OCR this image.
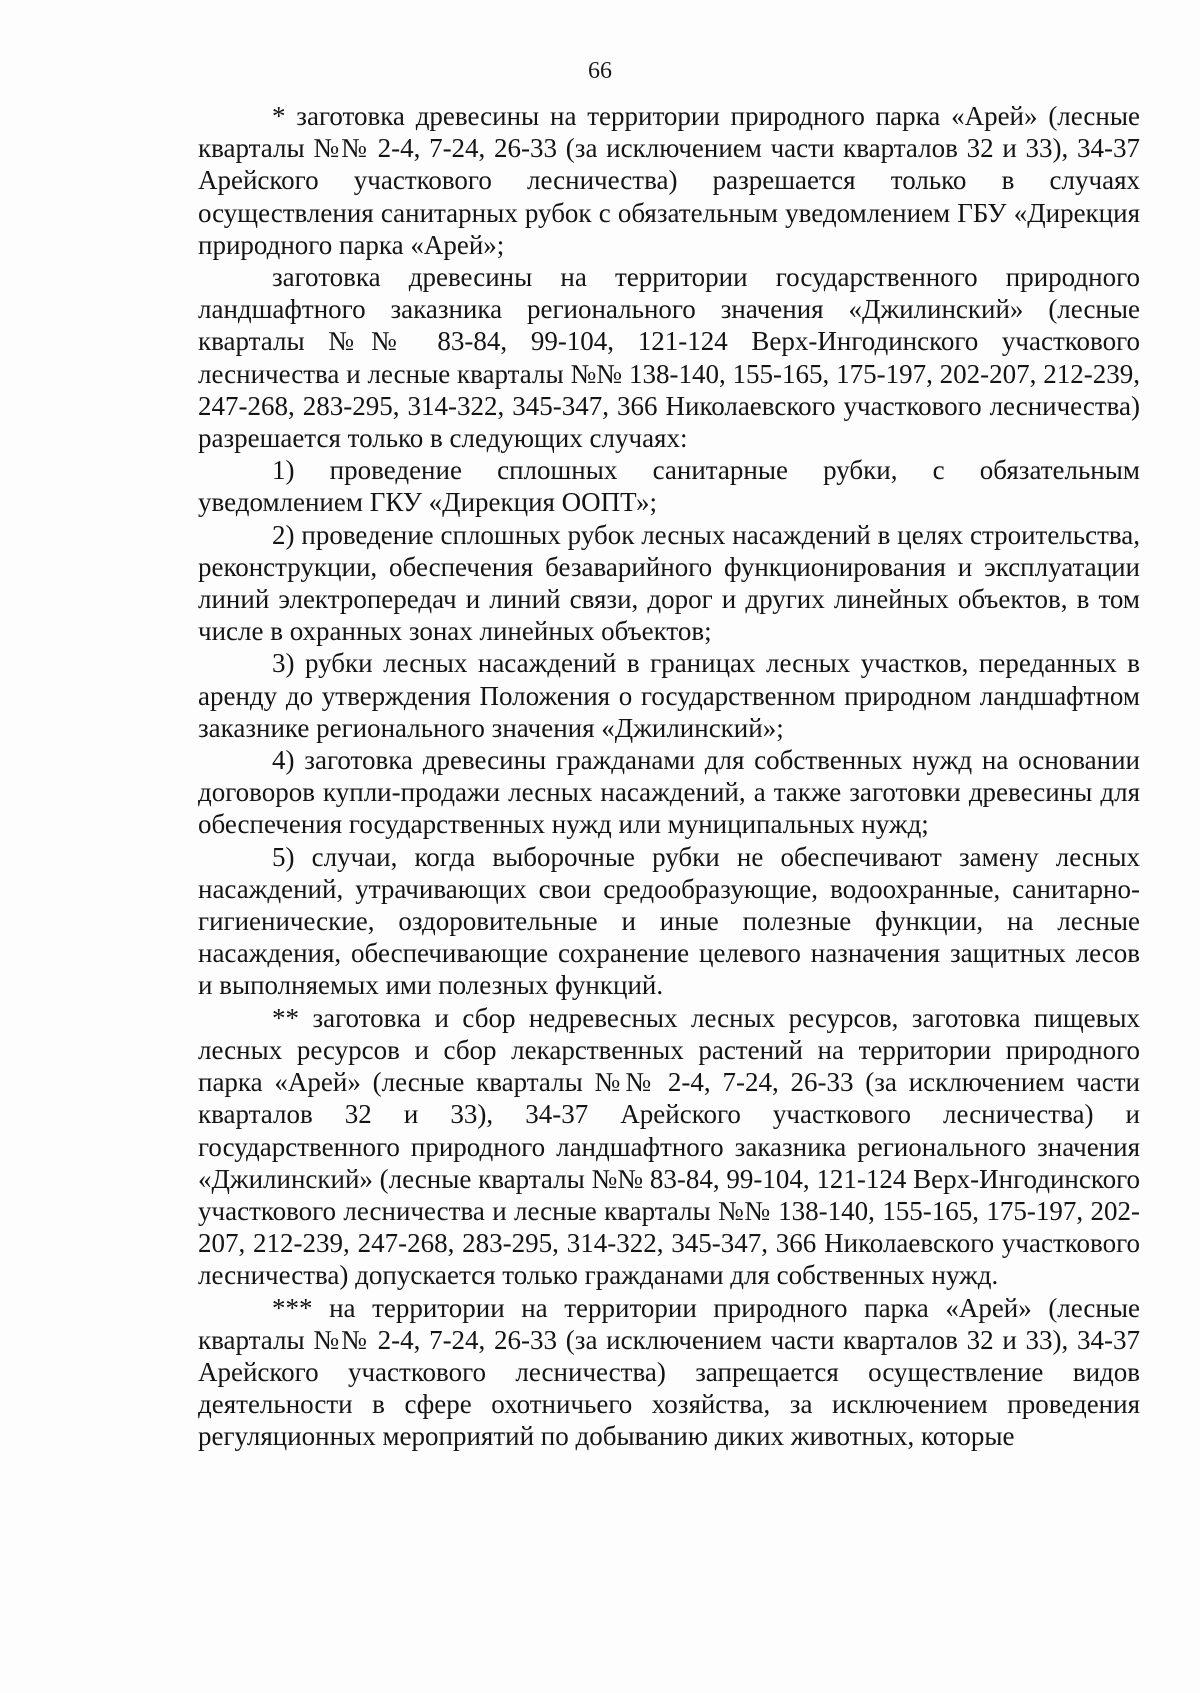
66

* заготовка древесины на территории природного парка «Арей» (лесные кварталы №№ 2-4, 7-24, 26-33 (за исключением части кварталов 32 и 33), 34-37 Арейского участкового лесничества) разрешается только в случаях осуществления санитарных рубок с обязательным уведомлением ГБУ «Дирекция природного парка «Арей»;

заготовка древесины на территории государственного природного ландшафтного заказника регионального значения «Джилинский» (лесные кварталы №№ 83-84, 99-104, 121-124 Верх-Ингодинского участкового лесничества и лесные кварталы №№ 138-140, 155-165, 175-197, 202-207, 212-239, 247-268, 283-295, 314-322, 345-347, 366 Николаевского участкового лесничества) разрешается только в следующих случаях:

1) проведение сплошных санитарные рубки, с обязательным уведомлением ГКУ «Дирекция ООПТ»;

2) проведение сплошных рубок лесных насаждений в целях строительства, реконструкции, обеспечения безаварийного функционирования и эксплуатации линий электропередач и линий связи, дорог и других линейных объектов, в том числе в охранных зонах линейных объектов;

3) рубки лесных насаждений в границах лесных участков, переданных в аренду до утверждения Положения о государственном природном ландшафтном заказнике регионального значения «Джилинский»;

4) заготовка древесины гражданами для собственных нужд на основании договоров купли-продажи лесных насаждений, а также заготовки древесины для обеспечения государственных нужд или муниципальных нужд;

5) случаи, когда выборочные рубки не обеспечивают замену лесных насаждений, утрачивающих свои средообразующие, водоохранные, санитарно-гигиенические, оздоровительные и иные полезные функции, на лесные насаждения, обеспечивающие сохранение целевого назначения защитных лесов и выполняемых ими полезных функций.

** заготовка и сбор недревесных лесных ресурсов, заготовка пищевых лесных ресурсов и сбор лекарственных растений на территории природного парка «Арей» (лесные кварталы №№ 2-4, 7-24, 26-33 (за исключением части кварталов 32 и 33), 34-37 Арейского участкового лесничества) и государственного природного ландшафтного заказника регионального значения «Джилинский» (лесные кварталы №№ 83-84, 99-104, 121-124 Верх-Ингодинского участкового лесничества и лесные кварталы №№ 138-140, 155-165, 175-197, 202-207, 212-239, 247-268, 283-295, 314-322, 345-347, 366 Николаевского участкового лесничества) допускается только гражданами для собственных нужд.

*** на территории на территории природного парка «Арей» (лесные кварталы №№ 2-4, 7-24, 26-33 (за исключением части кварталов 32 и 33), 34-37 Арейского участкового лесничества) запрещается осуществление видов деятельности в сфере охотничьего хозяйства, за исключением проведения регуляционных мероприятий по добыванию диких животных, которые
